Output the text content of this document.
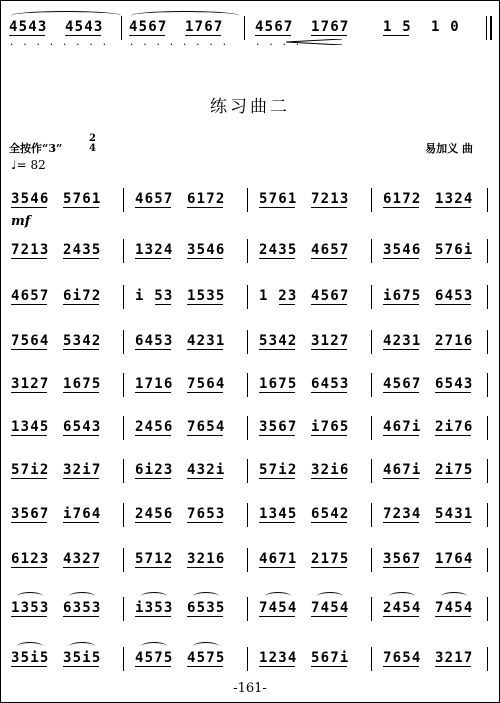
4543 4543
. . . . . . . .
4567 1767
. . . . . . . .
4567 1767
. . . .
1 5 1 0
练习曲二
全按作“3”
2
4	易加义 曲
♩= 82
3546 5761 4657 6172 5761 7213 6172 1324
mf
7213 2435 1324 3546 2435 4657 3546 576i
4657 6i72 i 53 1535 1 23 4567 i675 6453
7564 5342 6453 4231 5342 3127 4231 2716
3127 1675 1716 7564 1675 6453 4567 6543
1345 6543 2456 7654 3567 i765 467i 2i76
57i2 32i7 6i23 432i 57i2 32i6 467i 2i75
3567 i764 2456 7653 1345 6542 7234 5431
6123 4327 5712 3216 4671 2175 3567 1764
1353 6353 i353 6535 7454 7454 2454 7454
35i5 35i5 4575 4575 1234 567i 7654 3217
-161-
